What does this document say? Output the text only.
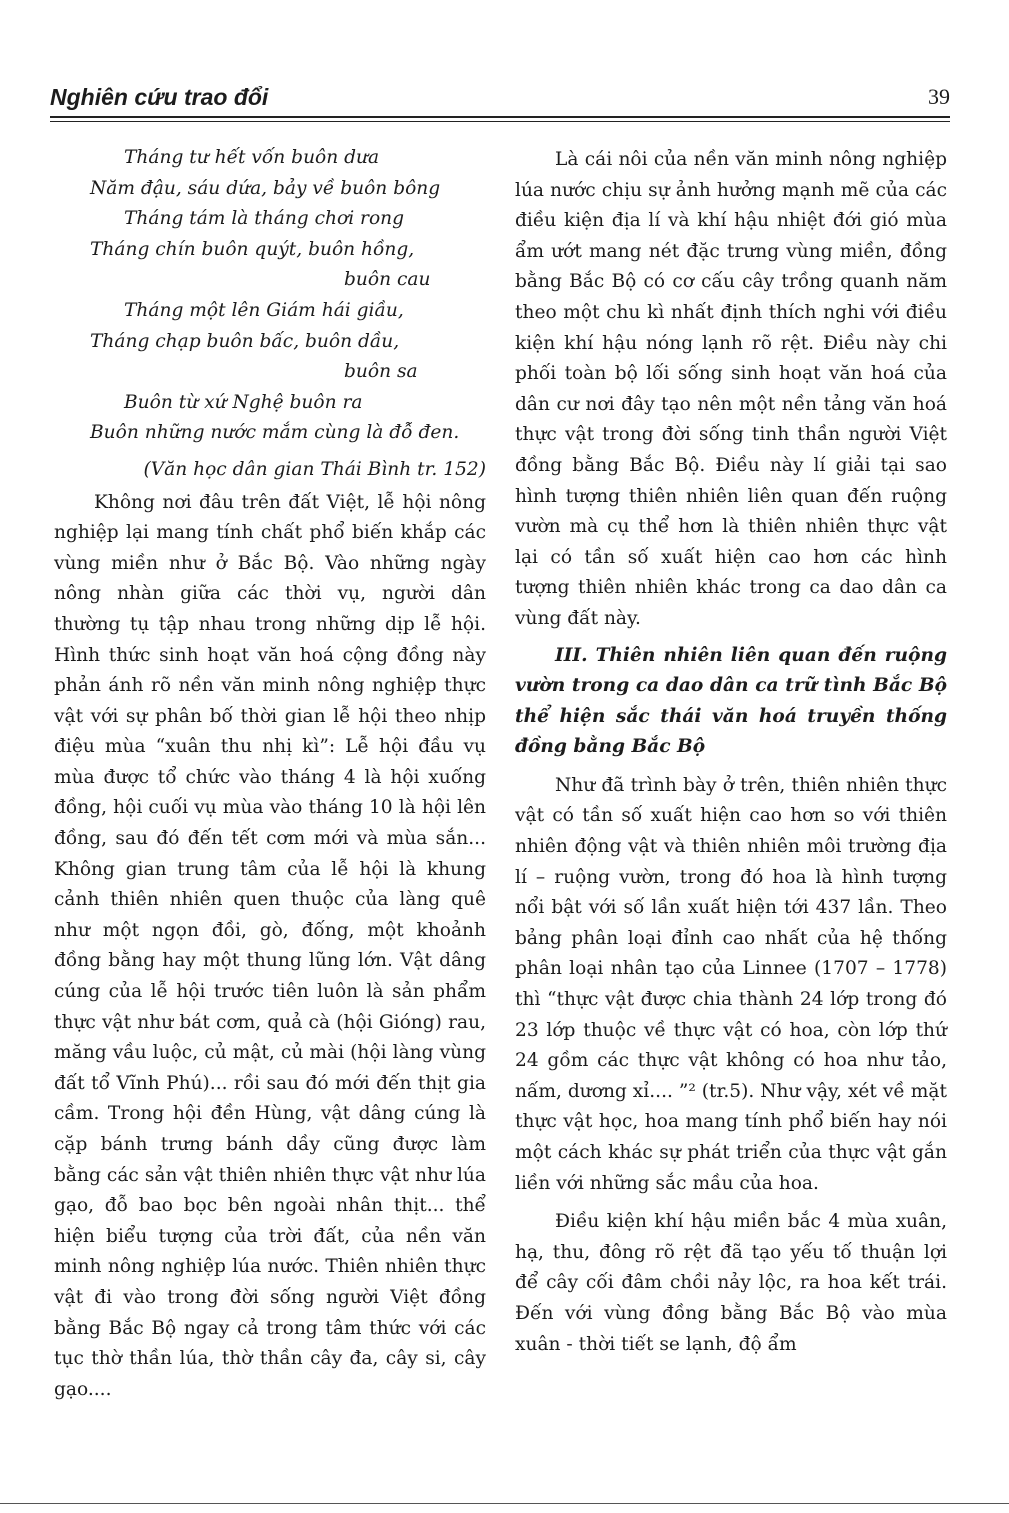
Nghiên cứu trao đổi	39
Tháng tư hết vốn buôn dưa
Năm đậu, sáu dứa, bảy về buôn bông
Tháng tám là tháng chơi rong
Tháng chín buôn quýt, buôn hồng,
buôn cau
Tháng một lên Giám hái giầu,
Tháng chạp buôn bấc, buôn dầu,
buôn sa
Buôn từ xứ Nghệ buôn ra
Buôn những nước mắm cùng là đỗ đen.
(Văn học dân gian Thái Bình tr. 152)

Không nơi đâu trên đất Việt, lễ hội nông nghiệp lại mang tính chất phổ biến khắp các vùng miền như ở Bắc Bộ. Vào những ngày nông nhàn giữa các thời vụ, người dân thường tụ tập nhau trong những dịp lễ hội. Hình thức sinh hoạt văn hoá cộng đồng này phản ánh rõ nền văn minh nông nghiệp thực vật với sự phân bố thời gian lễ hội theo nhịp điệu mùa “xuân thu nhị kì”: Lễ hội đầu vụ mùa được tổ chức vào tháng 4 là hội xuống đồng, hội cuối vụ mùa vào tháng 10 là hội lên đồng, sau đó đến tết cơm mới và mùa sắn... Không gian trung tâm của lễ hội là khung cảnh thiên nhiên quen thuộc của làng quê như một ngọn đồi, gò, đống, một khoảnh đồng bằng hay một thung lũng lớn. Vật dâng cúng của lễ hội trước tiên luôn là sản phẩm thực vật như bát cơm, quả cà (hội Gióng) rau, măng vầu luộc, củ mật, củ mài (hội làng vùng đất tổ Vĩnh Phú)... rồi sau đó mới đến thịt gia cầm. Trong hội đền Hùng, vật dâng cúng là cặp bánh trưng bánh dầy cũng được làm bằng các sản vật thiên nhiên thực vật như lúa gạo, đỗ bao bọc bên ngoài nhân thịt... thể hiện biểu tượng của trời đất, của nền văn minh nông nghiệp lúa nước. Thiên nhiên thực vật đi vào trong đời sống người Việt đồng bằng Bắc Bộ ngay cả trong tâm thức với các tục thờ thần lúa, thờ thần cây đa, cây si, cây gạo....

Là cái nôi của nền văn minh nông nghiệp lúa nước chịu sự ảnh hưởng mạnh mẽ của các điều kiện địa lí và khí hậu nhiệt đới gió mùa ẩm ướt mang nét đặc trưng vùng miền, đồng bằng Bắc Bộ có cơ cấu cây trồng quanh năm theo một chu kì nhất định thích nghi với điều kiện khí hậu nóng lạnh rõ rệt. Điều này chi phối toàn bộ lối sống sinh hoạt văn hoá của dân cư nơi đây tạo nên một nền tảng văn hoá thực vật trong đời sống tinh thần người Việt đồng bằng Bắc Bộ. Điều này lí giải tại sao hình tượng thiên nhiên liên quan đến ruộng vườn mà cụ thể hơn là thiên nhiên thực vật lại có tần số xuất hiện cao hơn các hình tượng thiên nhiên khác trong ca dao dân ca vùng đất này.

III. Thiên nhiên liên quan đến ruộng vườn trong ca dao dân ca trữ tình Bắc Bộ thể hiện sắc thái văn hoá truyền thống đồng bằng Bắc Bộ

Như đã trình bày ở trên, thiên nhiên thực vật có tần số xuất hiện cao hơn so với thiên nhiên động vật và thiên nhiên môi trường địa lí – ruộng vườn, trong đó hoa là hình tượng nổi bật với số lần xuất hiện tới 437 lần. Theo bảng phân loại đỉnh cao nhất của hệ thống phân loại nhân tạo của Linnee (1707 – 1778) thì “thực vật được chia thành 24 lớp trong đó 23 lớp thuộc về thực vật có hoa, còn lớp thứ 24 gồm các thực vật không có hoa như tảo, nấm, dương xỉ.... ”² (tr.5). Như vậy, xét về mặt thực vật học, hoa mang tính phổ biến hay nói một cách khác sự phát triển của thực vật gắn liền với những sắc mầu của hoa.

Điều kiện khí hậu miền bắc 4 mùa xuân, hạ, thu, đông rõ rệt đã tạo yếu tố thuận lợi để cây cối đâm chồi nảy lộc, ra hoa kết trái. Đến với vùng đồng bằng Bắc Bộ vào mùa xuân - thời tiết se lạnh, độ ẩm
